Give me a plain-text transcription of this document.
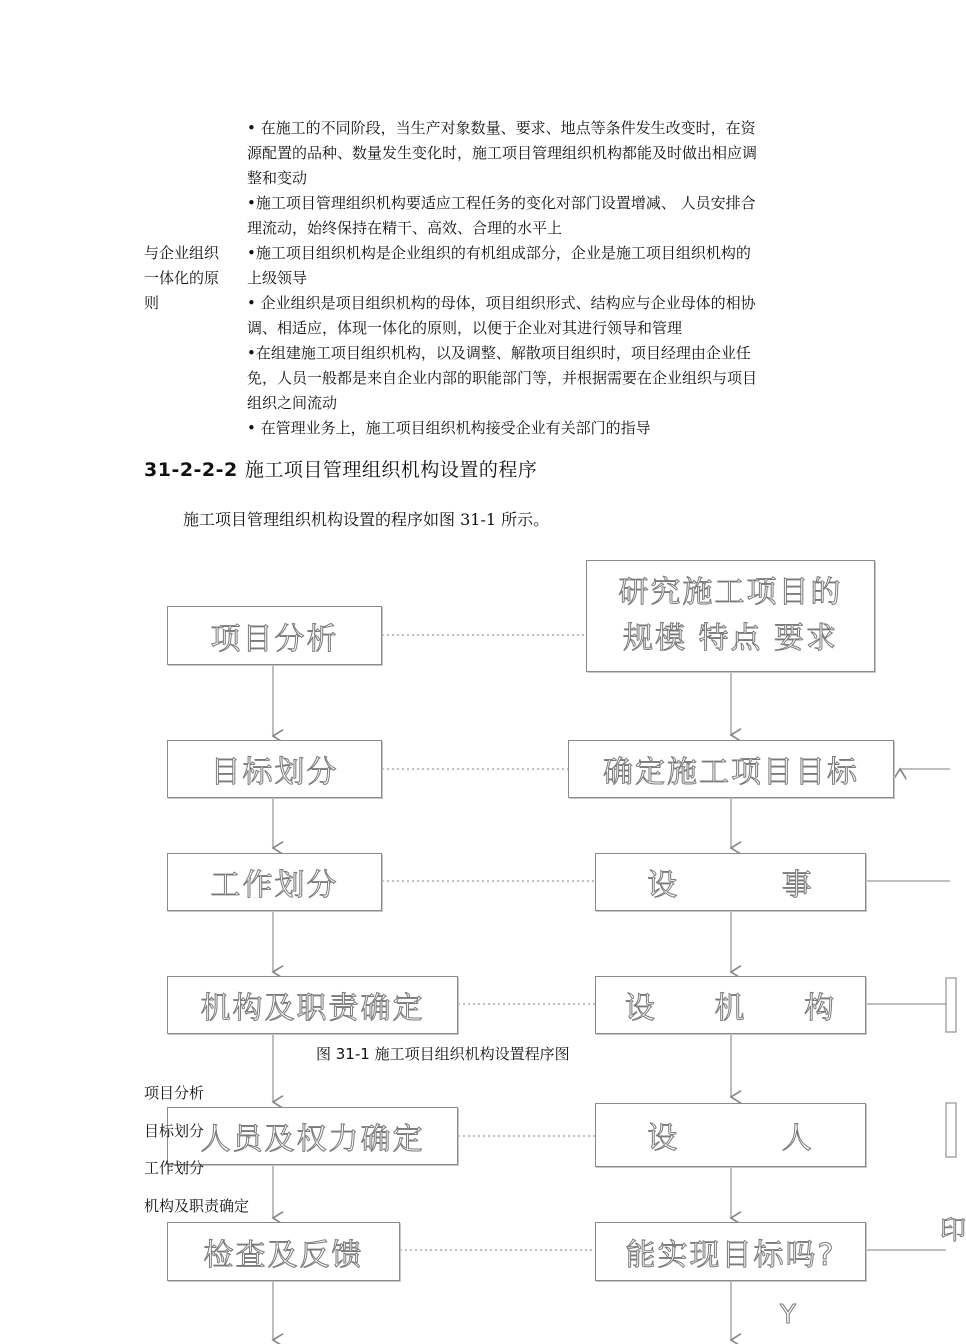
• 在施工的不同阶段，当生产对象数量、要求、地点等条件发生改变时，在资
源配置的品种、数量发生变化时，施工项目管理组织机构都能及时做出相应调
整和变动
•施工项目管理组织机构要适应工程任务的变化对部门设置增减、 人员安排合
理流动，始终保持在精干、高效、合理的水平上
•施工项目组织机构是企业组织的有机组成部分，企业是施工项目组织机构的
上级领导
• 企业组织是项目组织机构的母体，项目组织形式、结构应与企业母体的相协
调、相适应，体现一体化的原则，以便于企业对其进行领导和管理
•在组建施工项目组织机构，以及调整、解散项目组织时，项目经理由企业任
免，人员一般都是来自企业内部的职能部门等，并根据需要在企业组织与项目
组织之间流动
• 在管理业务上，施工项目组织机构接受企业有关部门的指导
与企业组织
一体化的原
则
31-2-2-2 施工项目管理组织机构设置的程序
施工项目管理组织机构设置的程序如图 31-1 所示。
项目分析
目标划分
工作划分
机构及职责确定
人员及权力确定
检查及反馈
研究施工项目的
规模 特点 要求
确定施工项目目标
设	事
设 机 构
设	人
能实现目标吗?
Y
印
图 31-1 施工项目组织机构设置程序图
项目分析
目标划分
工作划分
机构及职责确定
